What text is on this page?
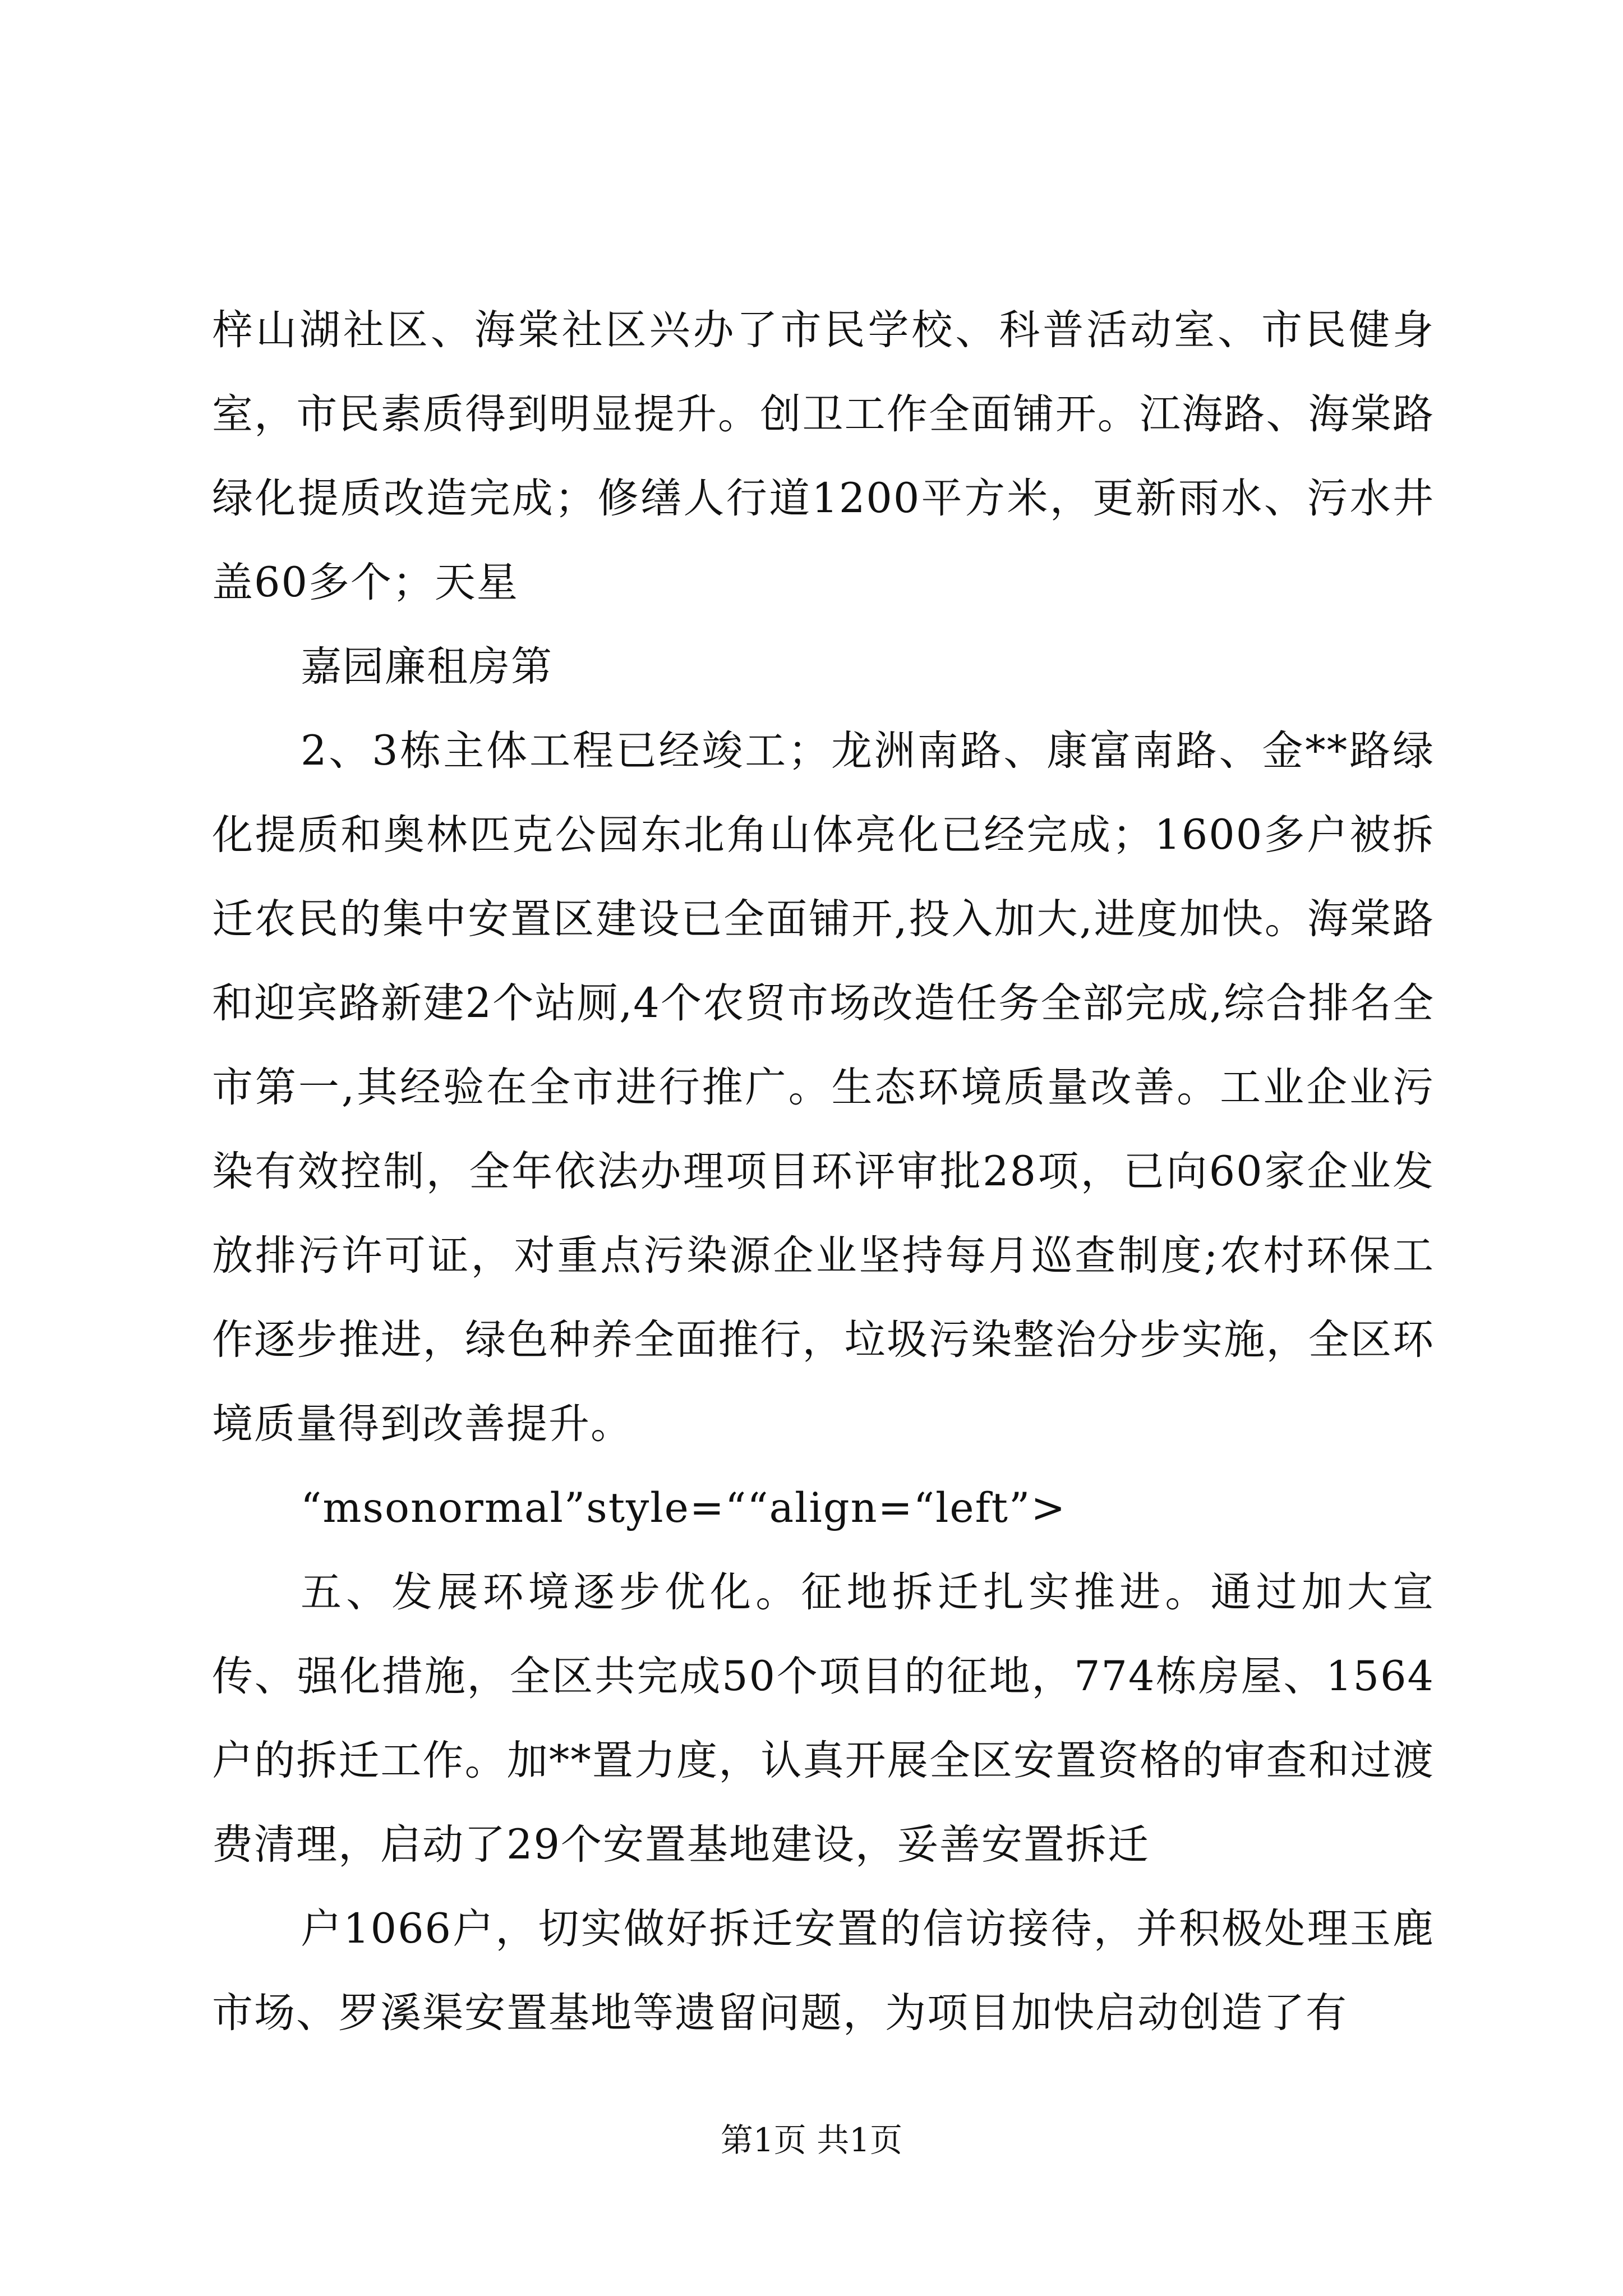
梓山湖社区、海棠社区兴办了市民学校、科普活动室、市民健身室，市民素质得到明显提升。创卫工作全面铺开。江海路、海棠路绿化提质改造完成；修缮人行道1200平方米，更新雨水、污水井盖60多个；天星

嘉园廉租房第

2、3栋主体工程已经竣工；龙洲南路、康富南路、金**路绿化提质和奥林匹克公园东北角山体亮化已经完成；1600多户被拆迁农民的集中安置区建设已全面铺开,投入加大,进度加快。海棠路和迎宾路新建2个站厕,4个农贸市场改造任务全部完成,综合排名全市第一,其经验在全市进行推广。生态环境质量改善。工业企业污染有效控制，全年依法办理项目环评审批28项，已向60家企业发放排污许可证，对重点污染源企业坚持每月巡查制度;农村环保工作逐步推进，绿色种养全面推行，垃圾污染整治分步实施，全区环境质量得到改善提升。

“msonormal”style=““align=“left”>

五、发展环境逐步优化。征地拆迁扎实推进。通过加大宣传、强化措施，全区共完成50个项目的征地，774栋房屋、1564户的拆迁工作。加**置力度，认真开展全区安置资格的审查和过渡费清理，启动了29个安置基地建设，妥善安置拆迁

户1066户，切实做好拆迁安置的信访接待，并积极处理玉鹿市场、罗溪渠安置基地等遗留问题，为项目加快启动创造了有

第1页 共1页
